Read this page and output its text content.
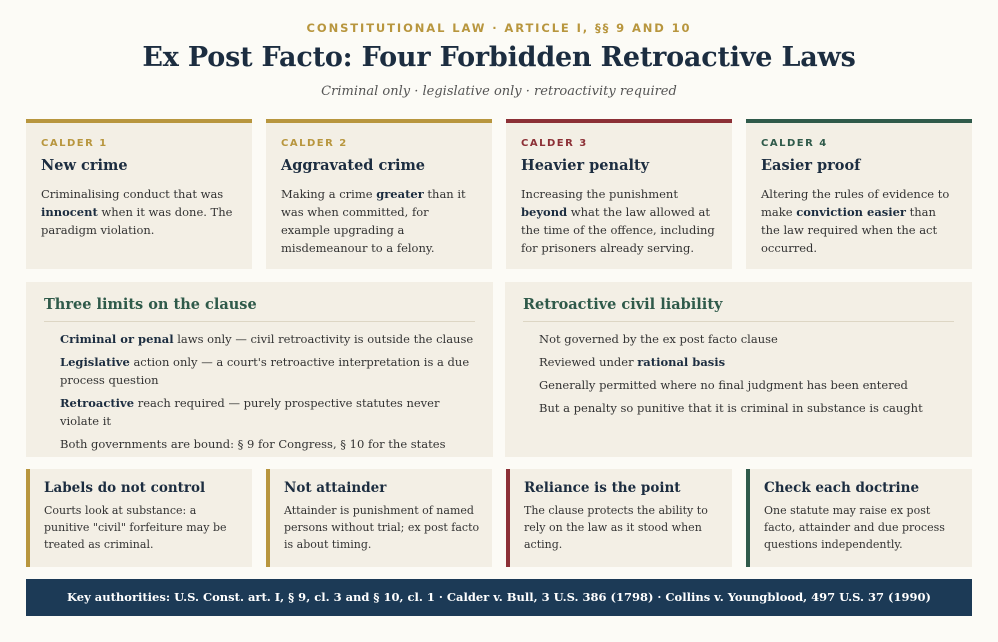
CONSTITUTIONAL LAW · ARTICLE I, §§ 9 AND 10
Ex Post Facto: Four Forbidden Retroactive Laws
Criminal only · legislative only · retroactivity required
CALDER 1
New crime
Criminalising conduct that was innocent when it was done. The paradigm violation.
CALDER 2
Aggravated crime
Making a crime greater than it was when committed, for example upgrading a misdemeanour to a felony.
CALDER 3
Heavier penalty
Increasing the punishment beyond what the law allowed at the time of the offence, including for prisoners already serving.
CALDER 4
Easier proof
Altering the rules of evidence to make conviction easier than the law required when the act occurred.
Three limits on the clause
Criminal or penal laws only — civil retroactivity is outside the clause
Legislative action only — a court's retroactive interpretation is a due process question
Retroactive reach required — purely prospective statutes never violate it
Both governments are bound: § 9 for Congress, § 10 for the states
Retroactive civil liability
Not governed by the ex post facto clause
Reviewed under rational basis
Generally permitted where no final judgment has been entered
But a penalty so punitive that it is criminal in substance is caught
Labels do not control
Courts look at substance: a punitive "civil" forfeiture may be treated as criminal.
Not attainder
Attainder is punishment of named persons without trial; ex post facto is about timing.
Reliance is the point
The clause protects the ability to rely on the law as it stood when acting.
Check each doctrine
One statute may raise ex post facto, attainder and due process questions independently.
Key authorities: U.S. Const. art. I, § 9, cl. 3 and § 10, cl. 1 · Calder v. Bull, 3 U.S. 386 (1798) · Collins v. Youngblood, 497 U.S. 37 (1990)
